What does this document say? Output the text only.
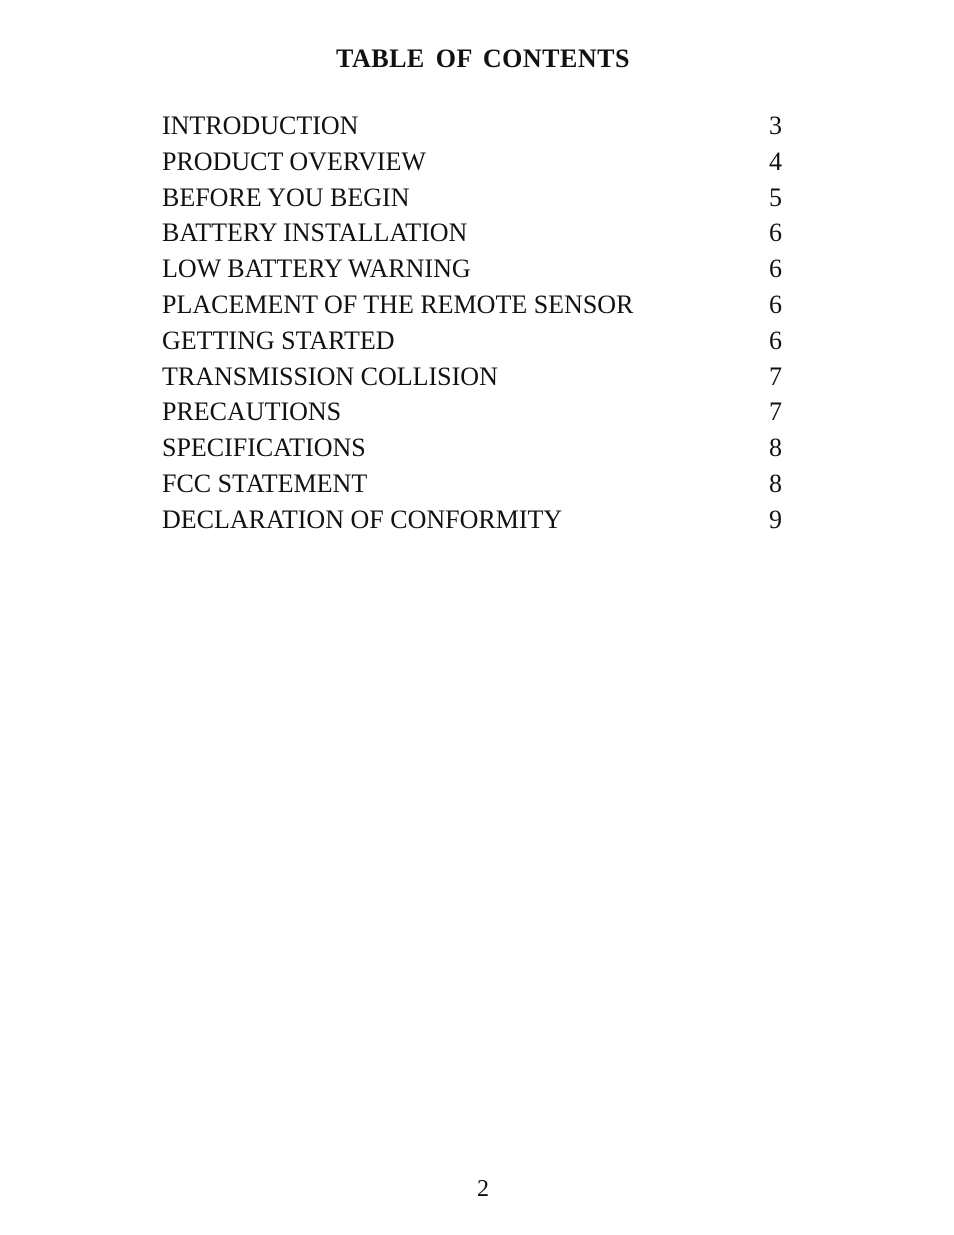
TABLE OF CONTENTS
INTRODUCTION	3
PRODUCT OVERVIEW	4
BEFORE YOU BEGIN	5
BATTERY INSTALLATION	6
LOW BATTERY WARNING	6
PLACEMENT OF THE REMOTE SENSOR	6
GETTING STARTED	6
TRANSMISSION COLLISION	7
PRECAUTIONS	7
SPECIFICATIONS	8
FCC STATEMENT	8
DECLARATION OF CONFORMITY	9

2
